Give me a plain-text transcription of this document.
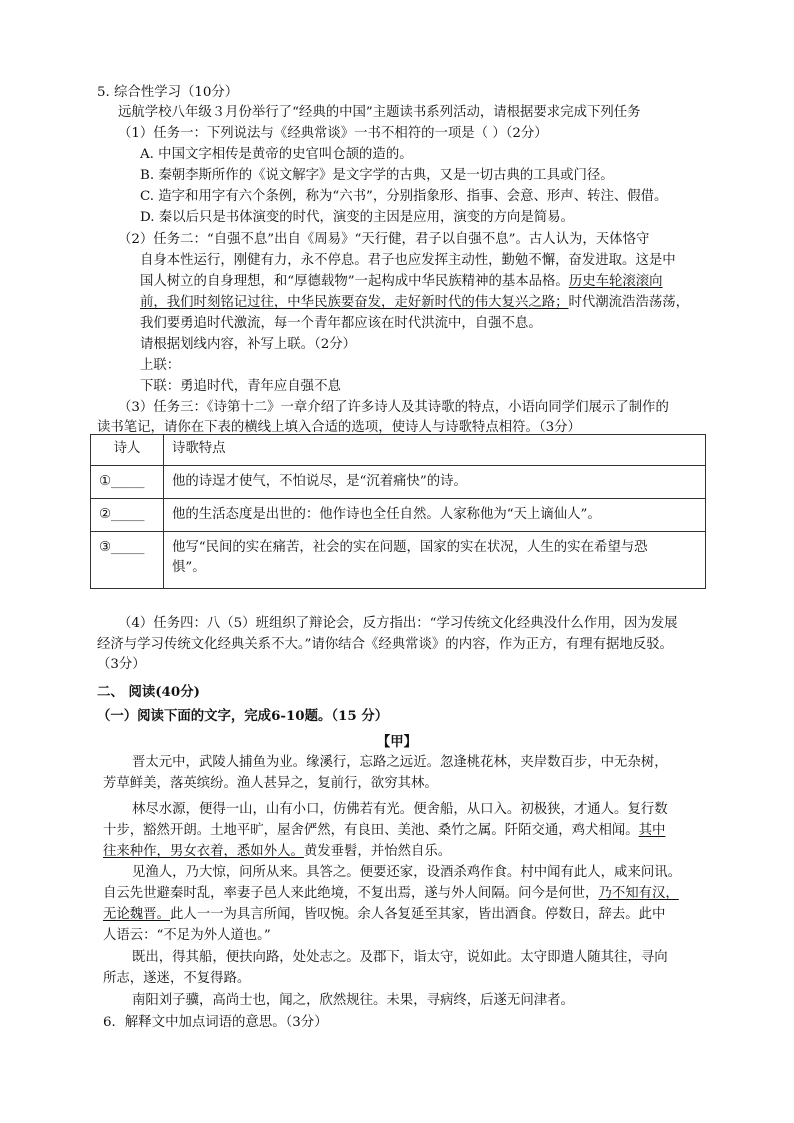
5. 综合性学习（10分）
远航学校八年级３月份举行了“经典的中国”主题读书系列活动，请根据要求完成下列任务
（1）任务一：下列说法与《经典常谈》一书不相符的一项是（ ）（2分）
A. 中国文字相传是黄帝的史官叫仓颉的造的。
B. 秦朝李斯所作的《说文解字》是文字学的古典，又是一切古典的工具或门径。
C. 造字和用字有六个条例，称为“六书”，分别指象形、指事、会意、形声、转注、假借。
D. 秦以后只是书体演变的时代，演变的主因是应用，演变的方向是简易。
（2）任务二：“自强不息”出自《周易》“天行健，君子以自强不息”。古人认为，天体恪守
自身本性运行，刚健有力，永不停息。君子也应发挥主动性，勤勉不懈，奋发进取。这是中
国人树立的自身理想，和“厚德载物”一起构成中华民族精神的基本品格。历史车轮滚滚向
前，我们时刻铭记过往，中华民族要奋发，走好新时代的伟大复兴之路；时代潮流浩浩荡荡，
我们要勇追时代激流，每一个青年都应该在时代洪流中，自强不息。
请根据划线内容，补写上联。（2分）
上联：
下联：勇追时代，青年应自强不息
（3）任务三：《诗第十二》一章介绍了许多诗人及其诗歌的特点，小语向同学们展示了制作的
读书笔记，请你在下表的横线上填入合适的选项，使诗人与诗歌特点相符。（3分）
诗人	诗歌特点
①_____	他的诗逞才使气，不怕说尽，是“沉着痛快”的诗。
②_____	他的生活态度是出世的：他作诗也全任自然。人家称他为“天上谪仙人”。
③_____	他写“民间的实在痛苦，社会的实在问题，国家的实在状况，人生的实在希望与恐
惧”。
（4）任务四：八（5）班组织了辩论会，反方指出：“学习传统文化经典没什么作用，因为发展
经济与学习传统文化经典关系不大。”请你结合《经典常谈》的内容，作为正方，有理有据地反驳。
（3分）
二、 阅读(40分)
（一）阅读下面的文字，完成6-10题。（15 分）
【甲】
晋太元中，武陵人捕鱼为业。缘溪行，忘路之远近。忽逢桃花林，夹岸数百步，中无杂树，
芳草鲜美，落英缤纷。渔人甚异之，复前行，欲穷其林。
林尽水源，便得一山，山有小口，仿佛若有光。便舍船，从口入。初极狭，才通人。复行数
十步，豁然开朗。土地平旷，屋舍俨然，有良田、美池、桑竹之属。阡陌交通，鸡犬相闻。其中
往来种作，男女衣着，悉如外人。黄发垂髫，并怡然自乐。
见渔人，乃大惊，问所从来。具答之。便要还家，设酒杀鸡作食。村中闻有此人，咸来问讯。
自云先世避秦时乱，率妻子邑人来此绝境，不复出焉，遂与外人间隔。问今是何世，乃不知有汉，
无论魏晋。此人一一为具言所闻，皆叹惋。余人各复延至其家，皆出酒食。停数日，辞去。此中
人语云：“不足为外人道也。”
既出，得其船，便扶向路，处处志之。及郡下，诣太守，说如此。太守即遣人随其往，寻向
所志，遂迷，不复得路。
南阳刘子骥，高尚士也，闻之，欣然规往。未果，寻病终，后遂无问津者。
6．解释文中加点词语的意思。（3分）
